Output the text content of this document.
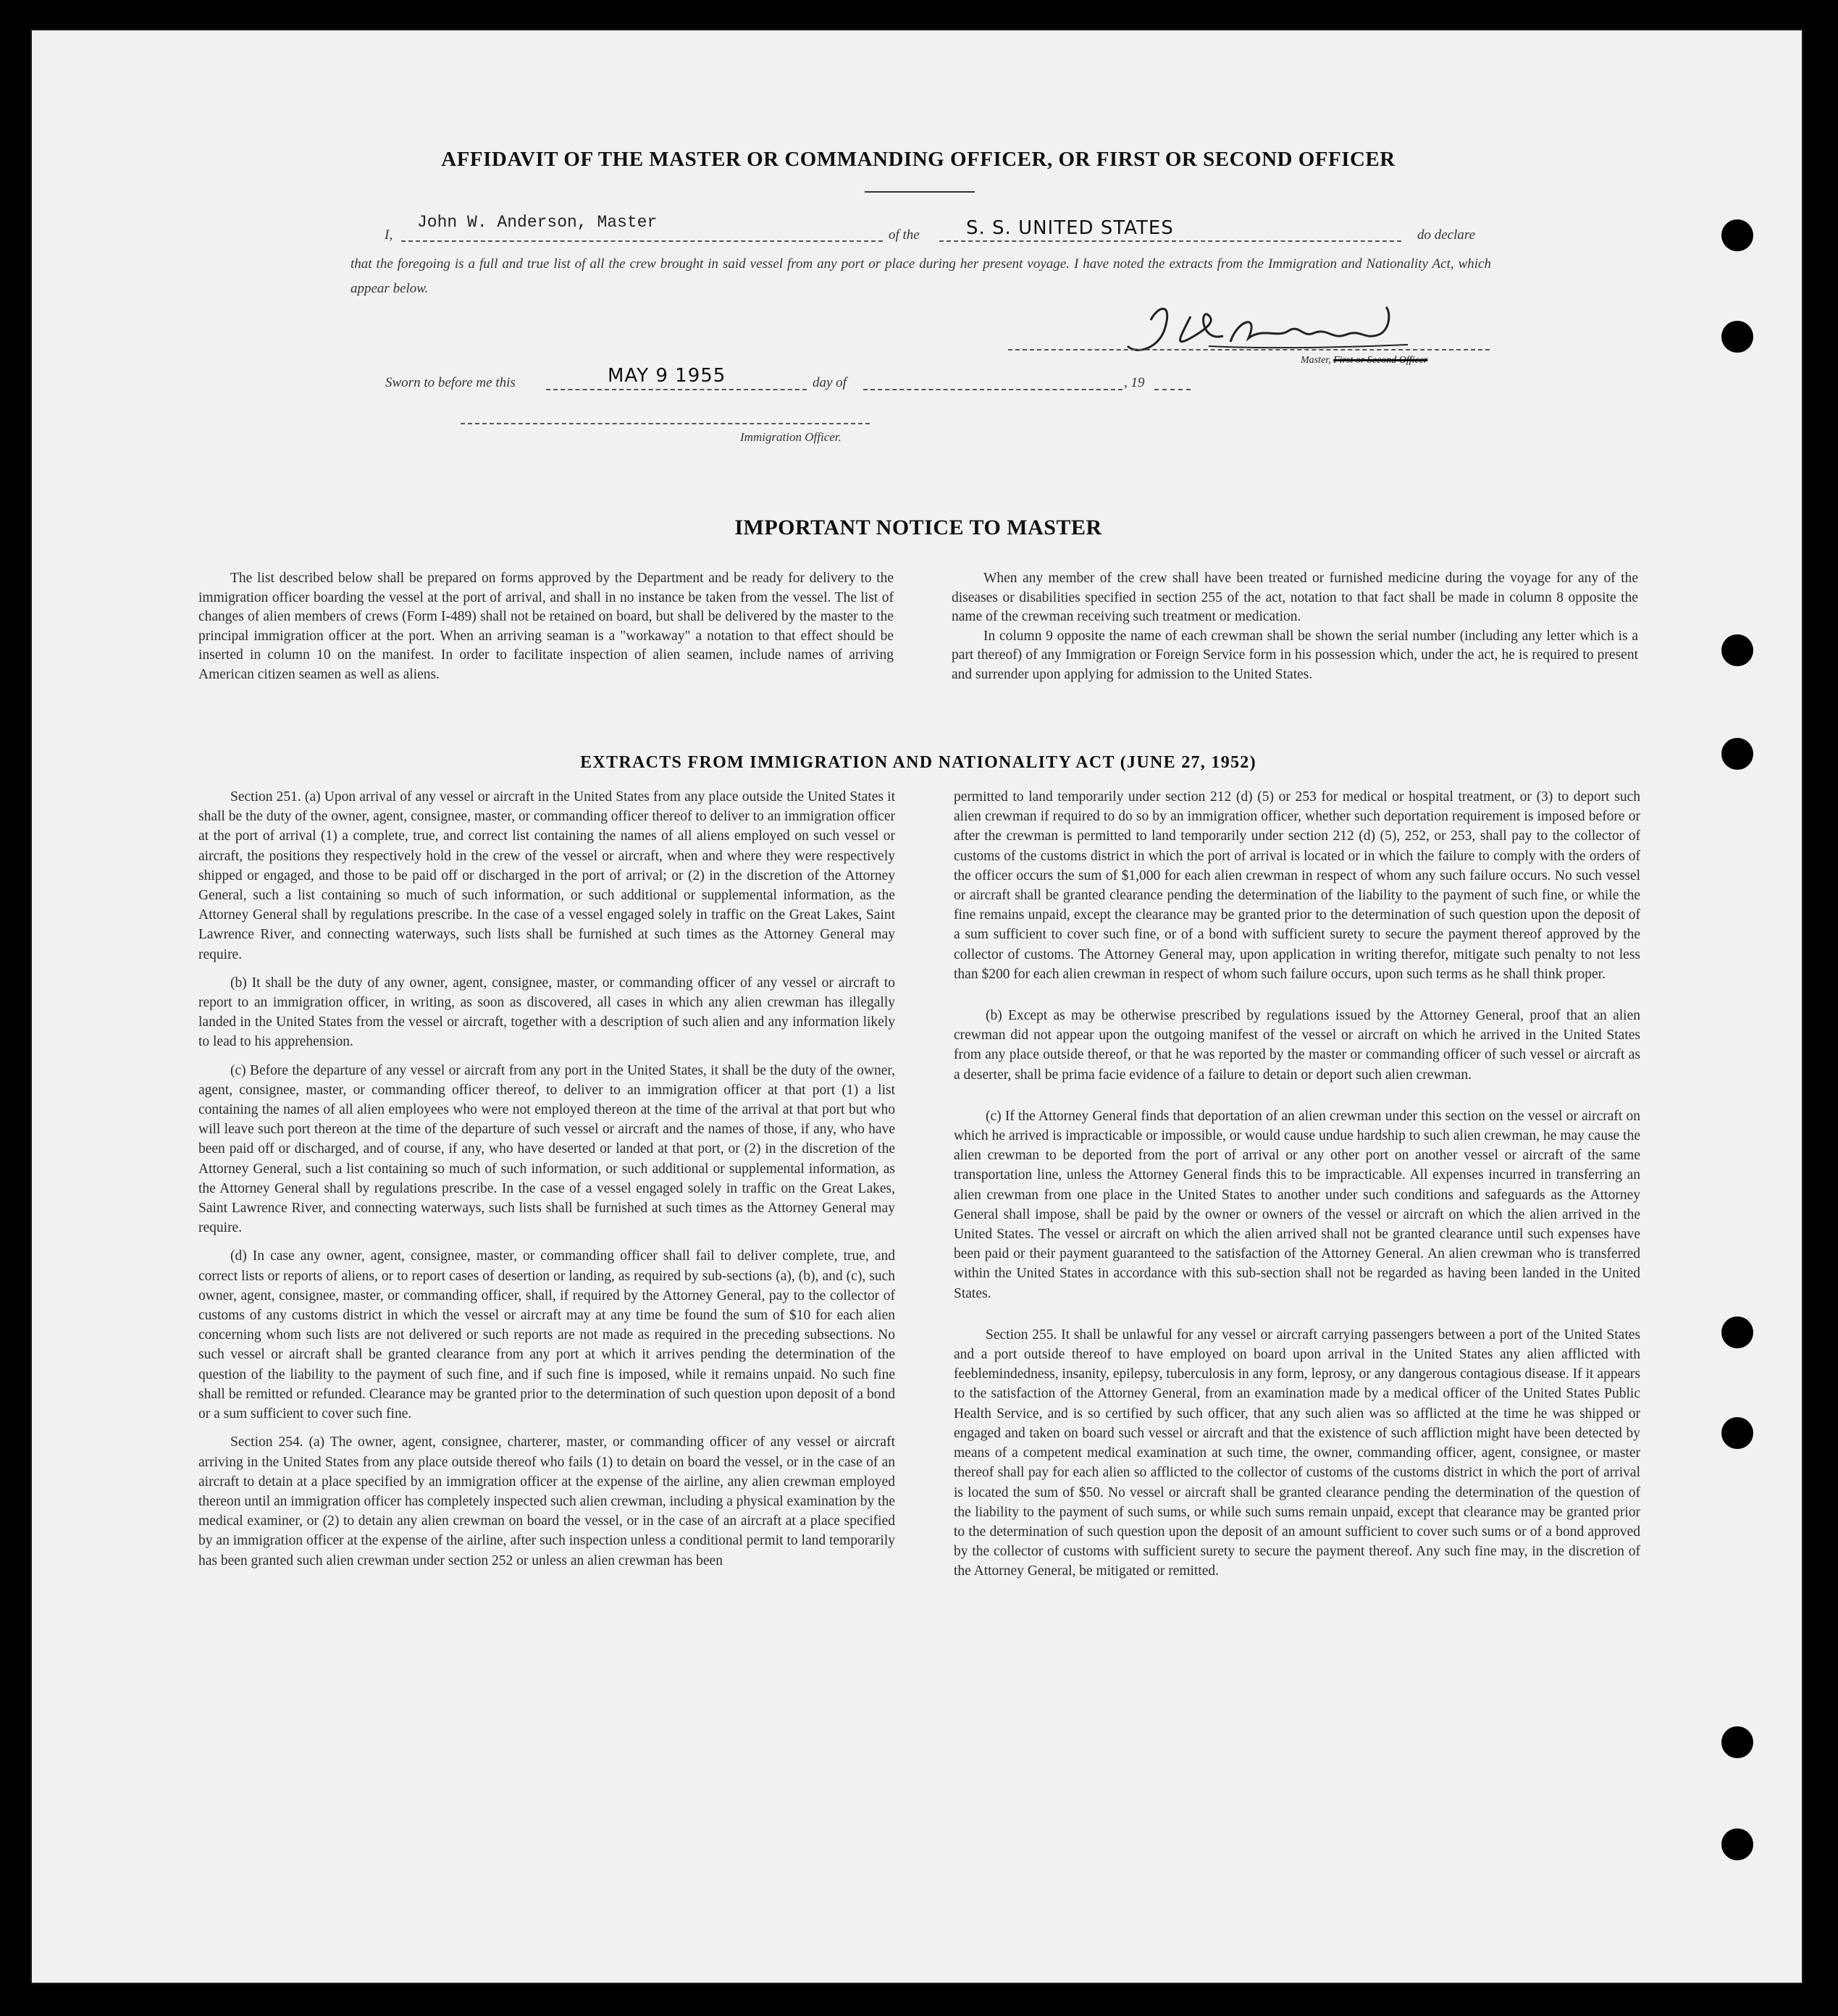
AFFIDAVIT OF THE MASTER OR COMMANDING OFFICER, OR FIRST OR SECOND OFFICER
I,
John W. Anderson, Master
of the S. S. UNITED STATES	do declare
that the foregoing is a full and true list of all the crew brought in said vessel from any port or place during her present voyage. I have noted the extracts from the Immigration and Nationality Act, which appear below.
Master, First or Second Officer
Sworn to before me this	MAY 9 1955	day of	, 19
Immigration Officer.
IMPORTANT NOTICE TO MASTER

The list described below shall be prepared on forms approved by the Department and be ready for delivery to the immigration officer boarding the vessel at the port of arrival, and shall in no instance be taken from the vessel. The list of changes of alien members of crews (Form I-489) shall not be retained on board, but shall be delivered by the master to the principal immigration officer at the port. When an arriving seaman is a "workaway" a notation to that effect should be inserted in column 10 on the manifest. In order to facilitate inspection of alien seamen, include names of arriving American citizen seamen as well as aliens.

When any member of the crew shall have been treated or furnished medicine during the voyage for any of the diseases or disabilities specified in section 255 of the act, notation to that fact shall be made in column 8 opposite the name of the crewman receiving such treatment or medication.

In column 9 opposite the name of each crewman shall be shown the serial number (including any letter which is a part thereof) of any Immigration or Foreign Service form in his possession which, under the act, he is required to present and surrender upon applying for admission to the United States.

EXTRACTS FROM IMMIGRATION AND NATIONALITY ACT (JUNE 27, 1952)

Section 251. (a) Upon arrival of any vessel or aircraft in the United States from any place outside the United States it shall be the duty of the owner, agent, consignee, master, or commanding officer thereof to deliver to an immigration officer at the port of arrival (1) a complete, true, and correct list containing the names of all aliens employed on such vessel or aircraft, the positions they respectively hold in the crew of the vessel or aircraft, when and where they were respectively shipped or engaged, and those to be paid off or discharged in the port of arrival; or (2) in the discretion of the Attorney General, such a list containing so much of such information, or such additional or supplemental information, as the Attorney General shall by regulations prescribe. In the case of a vessel engaged solely in traffic on the Great Lakes, Saint Lawrence River, and connecting waterways, such lists shall be furnished at such times as the Attorney General may require.

(b) It shall be the duty of any owner, agent, consignee, master, or commanding officer of any vessel or aircraft to report to an immigration officer, in writing, as soon as discovered, all cases in which any alien crewman has illegally landed in the United States from the vessel or aircraft, together with a description of such alien and any information likely to lead to his apprehension.

(c) Before the departure of any vessel or aircraft from any port in the United States, it shall be the duty of the owner, agent, consignee, master, or commanding officer thereof, to deliver to an immigration officer at that port (1) a list containing the names of all alien employees who were not employed thereon at the time of the arrival at that port but who will leave such port thereon at the time of the departure of such vessel or aircraft and the names of those, if any, who have been paid off or discharged, and of course, if any, who have deserted or landed at that port, or (2) in the discretion of the Attorney General, such a list containing so much of such information, or such additional or supplemental information, as the Attorney General shall by regulations prescribe. In the case of a vessel engaged solely in traffic on the Great Lakes, Saint Lawrence River, and connecting waterways, such lists shall be furnished at such times as the Attorney General may require.

(d) In case any owner, agent, consignee, master, or commanding officer shall fail to deliver complete, true, and correct lists or reports of aliens, or to report cases of desertion or landing, as required by sub-sections (a), (b), and (c), such owner, agent, consignee, master, or commanding officer, shall, if required by the Attorney General, pay to the collector of customs of any customs district in which the vessel or aircraft may at any time be found the sum of $10 for each alien concerning whom such lists are not delivered or such reports are not made as required in the preceding subsections. No such vessel or aircraft shall be granted clearance from any port at which it arrives pending the determination of the question of the liability to the payment of such fine, and if such fine is imposed, while it remains unpaid. No such fine shall be remitted or refunded. Clearance may be granted prior to the determination of such question upon deposit of a bond or a sum sufficient to cover such fine.

Section 254. (a) The owner, agent, consignee, charterer, master, or commanding officer of any vessel or aircraft arriving in the United States from any place outside thereof who fails (1) to detain on board the vessel, or in the case of an aircraft to detain at a place specified by an immigration officer at the expense of the airline, any alien crewman employed thereon until an immigration officer has completely inspected such alien crewman, including a physical examination by the medical examiner, or (2) to detain any alien crewman on board the vessel, or in the case of an aircraft at a place specified by an immigration officer at the expense of the airline, after such inspection unless a conditional permit to land temporarily has been granted such alien crewman under section 252 or unless an alien crewman has been

permitted to land temporarily under section 212 (d) (5) or 253 for medical or hospital treatment, or (3) to deport such alien crewman if required to do so by an immigration officer, whether such deportation requirement is imposed before or after the crewman is permitted to land temporarily under section 212 (d) (5), 252, or 253, shall pay to the collector of customs of the customs district in which the port of arrival is located or in which the failure to comply with the orders of the officer occurs the sum of $1,000 for each alien crewman in respect of whom any such failure occurs. No such vessel or aircraft shall be granted clearance pending the determination of the liability to the payment of such fine, or while the fine remains unpaid, except the clearance may be granted prior to the determination of such question upon the deposit of a sum sufficient to cover such fine, or of a bond with sufficient surety to secure the payment thereof approved by the collector of customs. The Attorney General may, upon application in writing therefor, mitigate such penalty to not less than $200 for each alien crewman in respect of whom such failure occurs, upon such terms as he shall think proper.

(b) Except as may be otherwise prescribed by regulations issued by the Attorney General, proof that an alien crewman did not appear upon the outgoing manifest of the vessel or aircraft on which he arrived in the United States from any place outside thereof, or that he was reported by the master or commanding officer of such vessel or aircraft as a deserter, shall be prima facie evidence of a failure to detain or deport such alien crewman.

(c) If the Attorney General finds that deportation of an alien crewman under this section on the vessel or aircraft on which he arrived is impracticable or impossible, or would cause undue hardship to such alien crewman, he may cause the alien crewman to be deported from the port of arrival or any other port on another vessel or aircraft of the same transportation line, unless the Attorney General finds this to be impracticable. All expenses incurred in transferring an alien crewman from one place in the United States to another under such conditions and safeguards as the Attorney General shall impose, shall be paid by the owner or owners of the vessel or aircraft on which the alien arrived in the United States. The vessel or aircraft on which the alien arrived shall not be granted clearance until such expenses have been paid or their payment guaranteed to the satisfaction of the Attorney General. An alien crewman who is transferred within the United States in accordance with this sub-section shall not be regarded as having been landed in the United States.

Section 255. It shall be unlawful for any vessel or aircraft carrying passengers between a port of the United States and a port outside thereof to have employed on board upon arrival in the United States any alien afflicted with feeblemindedness, insanity, epilepsy, tuberculosis in any form, leprosy, or any dangerous contagious disease. If it appears to the satisfaction of the Attorney General, from an examination made by a medical officer of the United States Public Health Service, and is so certified by such officer, that any such alien was so afflicted at the time he was shipped or engaged and taken on board such vessel or aircraft and that the existence of such affliction might have been detected by means of a competent medical examination at such time, the owner, commanding officer, agent, consignee, or master thereof shall pay for each alien so afflicted to the collector of customs of the customs district in which the port of arrival is located the sum of $50. No vessel or aircraft shall be granted clearance pending the determination of the question of the liability to the payment of such sums, or while such sums remain unpaid, except that clearance may be granted prior to the determination of such question upon the deposit of an amount sufficient to cover such sums or of a bond approved by the collector of customs with sufficient surety to secure the payment thereof. Any such fine may, in the discretion of the Attorney General, be mitigated or remitted.
